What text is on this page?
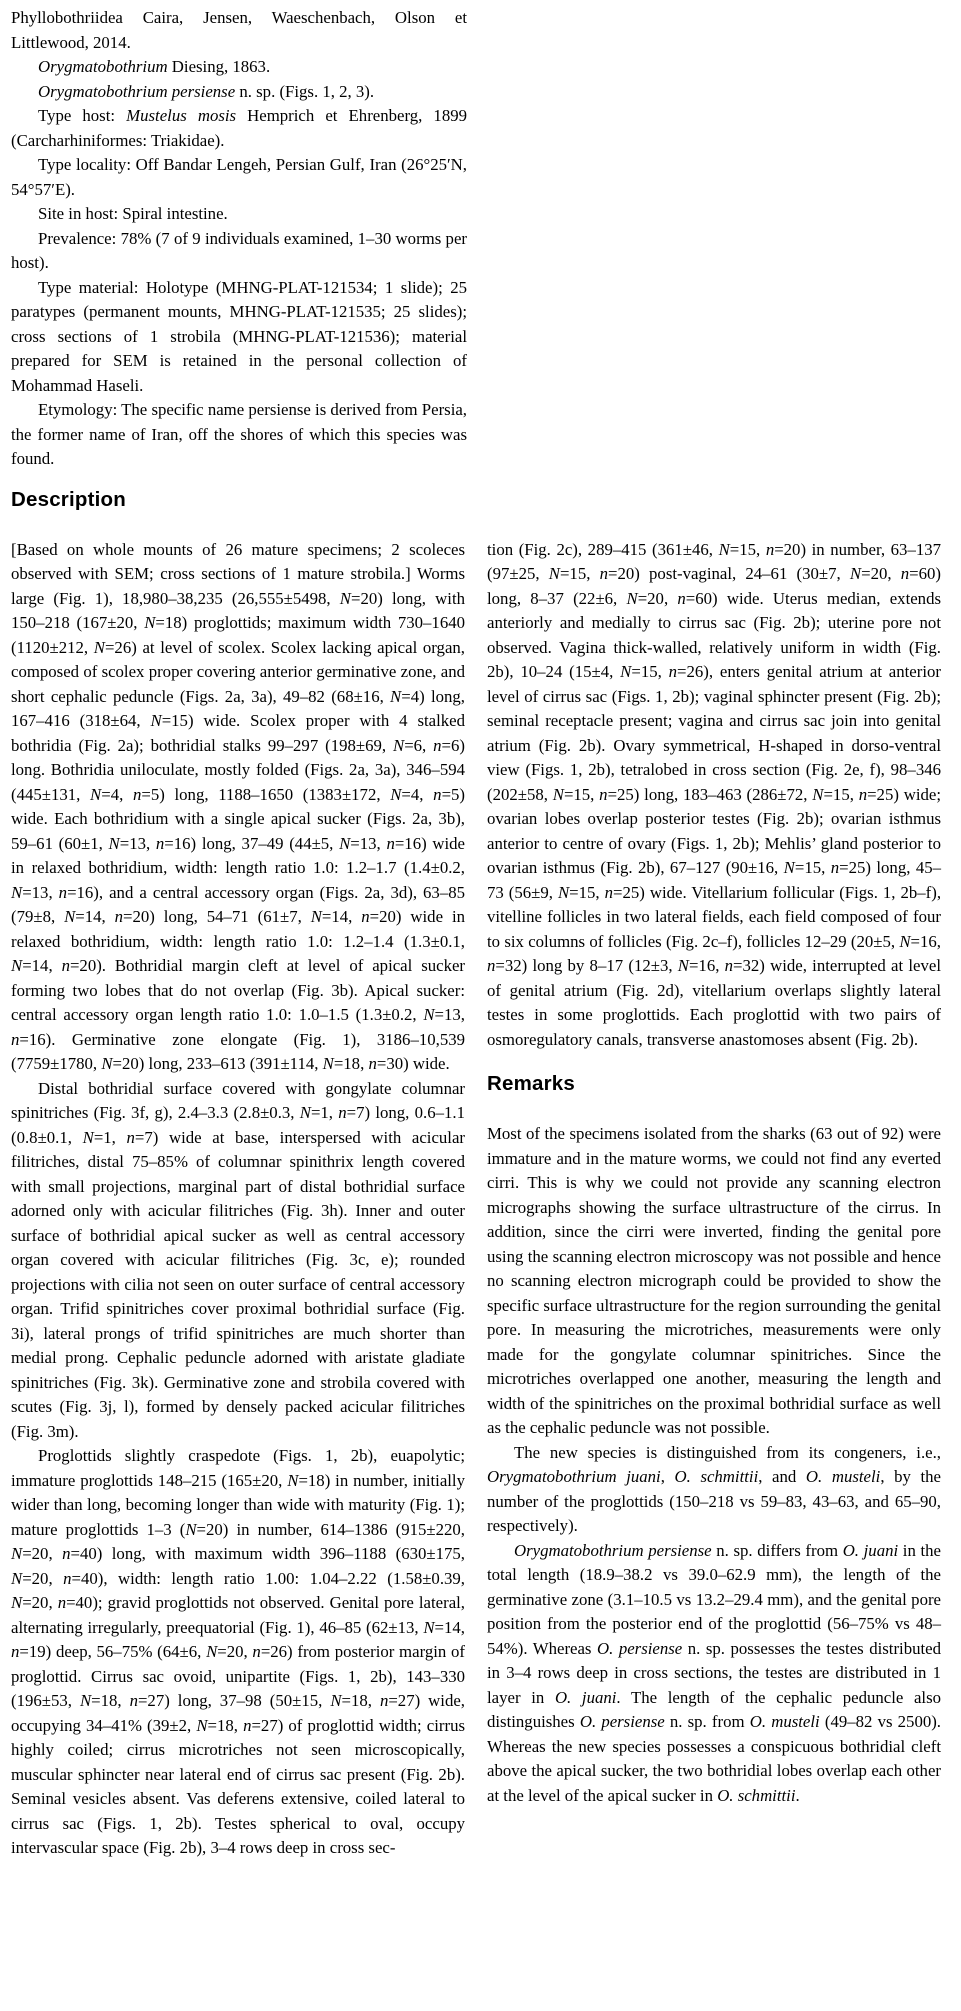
Phyllobothriidea Caira, Jensen, Waeschenbach, Olson et Littlewood, 2014.

Orygmatobothrium Diesing, 1863.

Orygmatobothrium persiense n. sp. (Figs. 1, 2, 3).

Type host: Mustelus mosis Hemprich et Ehrenberg, 1899 (Carcharhiniformes: Triakidae).

Type locality: Off Bandar Lengeh, Persian Gulf, Iran (26°25′N, 54°57′E).

Site in host: Spiral intestine.

Prevalence: 78% (7 of 9 individuals examined, 1–30 worms per host).

Type material: Holotype (MHNG-PLAT-121534; 1 slide); 25 paratypes (permanent mounts, MHNG-PLAT-121535; 25 slides); cross sections of 1 strobila (MHNG-PLAT-121536); material prepared for SEM is retained in the personal collection of Mohammad Haseli.

Etymology: The specific name persiense is derived from Persia, the former name of Iran, off the shores of which this species was found.

Description

[Based on whole mounts of 26 mature specimens; 2 scoleces observed with SEM; cross sections of 1 mature strobila.] Worms large (Fig. 1), 18,980–38,235 (26,555±5498, N=20) long, with 150–218 (167±20, N=18) proglottids; maximum width 730–1640 (1120±212, N=26) at level of scolex. Scolex lacking apical organ, composed of scolex proper covering anterior germinative zone, and short cephalic peduncle (Figs. 2a, 3a), 49–82 (68±16, N=4) long, 167–416 (318±64, N=15) wide. Scolex proper with 4 stalked bothridia (Fig. 2a); bothridial stalks 99–297 (198±69, N=6, n=6) long. Bothridia uniloculate, mostly folded (Figs. 2a, 3a), 346–594 (445±131, N=4, n=5) long, 1188–1650 (1383±172, N=4, n=5) wide. Each bothridium with a single apical sucker (Figs. 2a, 3b), 59–61 (60±1, N=13, n=16) long, 37–49 (44±5, N=13, n=16) wide in relaxed bothridium, width: length ratio 1.0: 1.2–1.7 (1.4±0.2, N=13, n=16), and a central accessory organ (Figs. 2a, 3d), 63–85 (79±8, N=14, n=20) long, 54–71 (61±7, N=14, n=20) wide in relaxed bothridium, width: length ratio 1.0: 1.2–1.4 (1.3±0.1, N=14, n=20). Bothridial margin cleft at level of apical sucker forming two lobes that do not overlap (Fig. 3b). Apical sucker: central accessory organ length ratio 1.0: 1.0–1.5 (1.3±0.2, N=13, n=16). Germinative zone elongate (Fig. 1), 3186–10,539 (7759±1780, N=20) long, 233–613 (391±114, N=18, n=30) wide.

Distal bothridial surface covered with gongylate columnar spinitriches (Fig. 3f, g), 2.4–3.3 (2.8±0.3, N=1, n=7) long, 0.6–1.1 (0.8±0.1, N=1, n=7) wide at base, interspersed with acicular filitriches, distal 75–85% of columnar spinithrix length covered with small projections, marginal part of distal bothridial surface adorned only with acicular filitriches (Fig. 3h). Inner and outer surface of bothridial apical sucker as well as central accessory organ covered with acicular filitriches (Fig. 3c, e); rounded projections with cilia not seen on outer surface of central accessory organ. Trifid spinitriches cover proximal bothridial surface (Fig. 3i), lateral prongs of trifid spinitriches are much shorter than medial prong. Cephalic peduncle adorned with aristate gladiate spinitriches (Fig. 3k). Germinative zone and strobila covered with scutes (Fig. 3j, l), formed by densely packed acicular filitriches (Fig. 3m).

Proglottids slightly craspedote (Figs. 1, 2b), euapolytic; immature proglottids 148–215 (165±20, N=18) in number, initially wider than long, becoming longer than wide with maturity (Fig. 1); mature proglottids 1–3 (N=20) in number, 614–1386 (915±220, N=20, n=40) long, with maximum width 396–1188 (630±175, N=20, n=40), width: length ratio 1.00: 1.04–2.22 (1.58±0.39, N=20, n=40); gravid proglottids not observed. Genital pore lateral, alternating irregularly, preequatorial (Fig. 1), 46–85 (62±13, N=14, n=19) deep, 56–75% (64±6, N=20, n=26) from posterior margin of proglottid. Cirrus sac ovoid, unipartite (Figs. 1, 2b), 143–330 (196±53, N=18, n=27) long, 37–98 (50±15, N=18, n=27) wide, occupying 34–41% (39±2, N=18, n=27) of proglottid width; cirrus highly coiled; cirrus microtriches not seen microscopically, muscular sphincter near lateral end of cirrus sac present (Fig. 2b). Seminal vesicles absent. Vas deferens extensive, coiled lateral to cirrus sac (Figs. 1, 2b). Testes spherical to oval, occupy intervascular space (Fig. 2b), 3–4 rows deep in cross sec-

tion (Fig. 2c), 289–415 (361±46, N=15, n=20) in number, 63–137 (97±25, N=15, n=20) post-vaginal, 24–61 (30±7, N=20, n=60) long, 8–37 (22±6, N=20, n=60) wide. Uterus median, extends anteriorly and medially to cirrus sac (Fig. 2b); uterine pore not observed. Vagina thick-walled, relatively uniform in width (Fig. 2b), 10–24 (15±4, N=15, n=26), enters genital atrium at anterior level of cirrus sac (Figs. 1, 2b); vaginal sphincter present (Fig. 2b); seminal receptacle present; vagina and cirrus sac join into genital atrium (Fig. 2b). Ovary symmetrical, H-shaped in dorso-ventral view (Figs. 1, 2b), tetralobed in cross section (Fig. 2e, f), 98–346 (202±58, N=15, n=25) long, 183–463 (286±72, N=15, n=25) wide; ovarian lobes overlap posterior testes (Fig. 2b); ovarian isthmus anterior to centre of ovary (Figs. 1, 2b); Mehlis’ gland posterior to ovarian isthmus (Fig. 2b), 67–127 (90±16, N=15, n=25) long, 45–73 (56±9, N=15, n=25) wide. Vitellarium follicular (Figs. 1, 2b–f), vitelline follicles in two lateral fields, each field composed of four to six columns of follicles (Fig. 2c–f), follicles 12–29 (20±5, N=16, n=32) long by 8–17 (12±3, N=16, n=32) wide, interrupted at level of genital atrium (Fig. 2d), vitellarium overlaps slightly lateral testes in some proglottids. Each proglottid with two pairs of osmoregulatory canals, transverse anastomoses absent (Fig. 2b).

Remarks

Most of the specimens isolated from the sharks (63 out of 92) were immature and in the mature worms, we could not find any everted cirri. This is why we could not provide any scanning electron micrographs showing the surface ultrastructure of the cirrus. In addition, since the cirri were inverted, finding the genital pore using the scanning electron microscopy was not possible and hence no scanning electron micrograph could be provided to show the specific surface ultrastructure for the region surrounding the genital pore. In measuring the microtriches, measurements were only made for the gongylate columnar spinitriches. Since the microtriches overlapped one another, measuring the length and width of the spinitriches on the proximal bothridial surface as well as the cephalic peduncle was not possible.

The new species is distinguished from its congeners, i.e., Orygmatobothrium juani, O. schmittii, and O. musteli, by the number of the proglottids (150–218 vs 59–83, 43–63, and 65–90, respectively).

Orygmatobothrium persiense n. sp. differs from O. juani in the total length (18.9–38.2 vs 39.0–62.9 mm), the length of the germinative zone (3.1–10.5 vs 13.2–29.4 mm), and the genital pore position from the posterior end of the proglottid (56–75% vs 48–54%). Whereas O. persiense n. sp. possesses the testes distributed in 3–4 rows deep in cross sections, the testes are distributed in 1 layer in O. juani. The length of the cephalic peduncle also distinguishes O. persiense n. sp. from O. musteli (49–82 vs 2500). Whereas the new species possesses a conspicuous bothridial cleft above the apical sucker, the two bothridial lobes overlap each other at the level of the apical sucker in O. schmittii.
